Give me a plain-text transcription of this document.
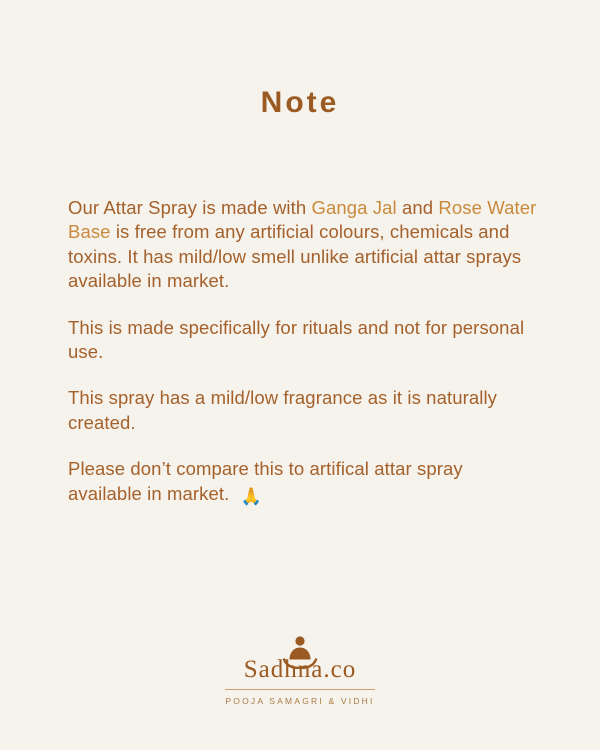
Note

Our Attar Spray is made with Ganga Jal and Rose Water Base is free from any artificial colours, chemicals and toxins. It has mild/low smell unlike artificial attar sprays available in market.

This is made specifically for rituals and not for personal use.

This spray has a mild/low fragrance as it is naturally created.

Please don’t compare this to artifical attar spray available in market. 🙏

Sadhna.co
POOJA SAMAGRI & VIDHI
